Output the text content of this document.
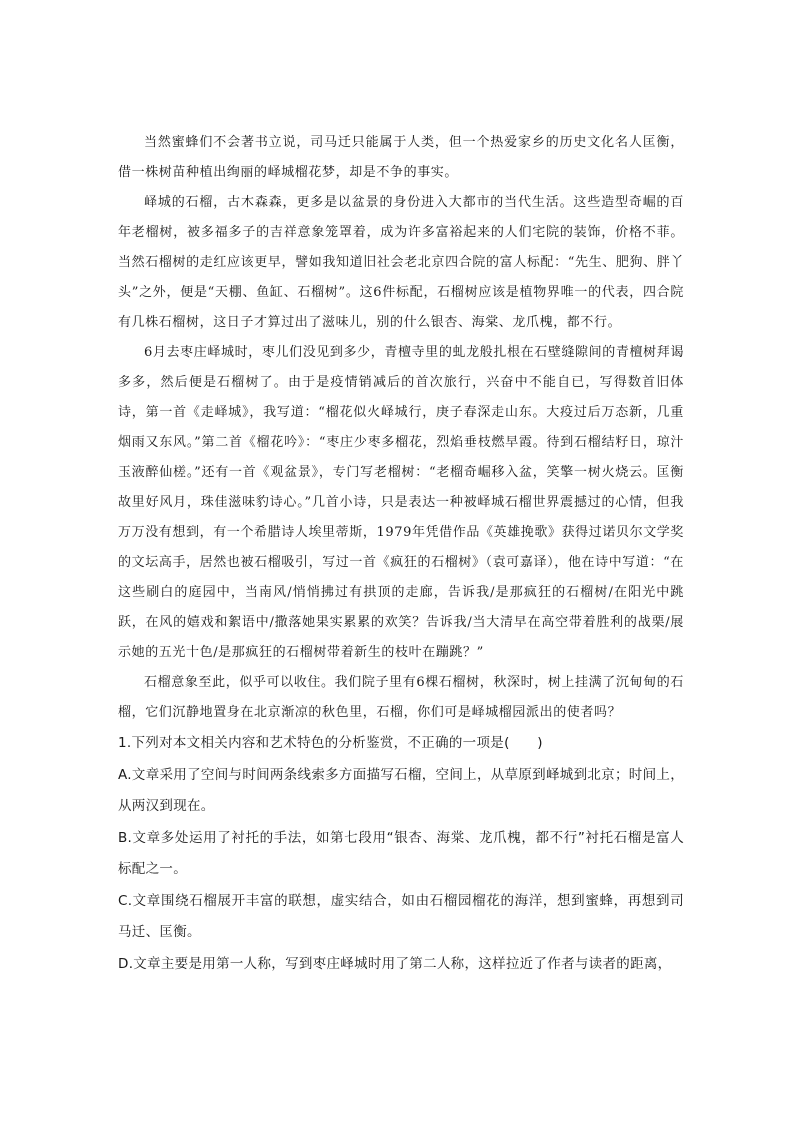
当然蜜蜂们不会著书立说，司马迁只能属于人类，但一个热爱家乡的历史文化名人匡衡，借一株树苗种植出绚丽的峄城榴花梦，却是不争的事实。

峄城的石榴，古木森森，更多是以盆景的身份进入大都市的当代生活。这些造型奇崛的百年老榴树，被多福多子的吉祥意象笼罩着，成为许多富裕起来的人们宅院的装饰，价格不菲。当然石榴树的走红应该更早，譬如我知道旧社会老北京四合院的富人标配：“先生、肥狗、胖丫头”之外，便是“天棚、鱼缸、石榴树”。这6件标配，石榴树应该是植物界唯一的代表，四合院有几株石榴树，这日子才算过出了滋味儿，别的什么银杏、海棠、龙爪槐，都不行。

6月去枣庄峄城时，枣儿们没见到多少，青檀寺里的虬龙般扎根在石壁缝隙间的青檀树拜谒多多，然后便是石榴树了。由于是疫情销减后的首次旅行，兴奋中不能自已，写得数首旧体诗，第一首《走峄城》，我写道：“榴花似火峄城行，庚子春深走山东。大疫过后万态新，几重烟雨又东风。”第二首《榴花吟》：“枣庄少枣多榴花，烈焰垂枝燃早霞。待到石榴结籽日，琼汁玉液醉仙槎。”还有一首《观盆景》，专门写老榴树：“老榴奇崛移入盆，笑擎一树火烧云。匡衡故里好风月，珠佳滋味豹诗心。”几首小诗，只是表达一种被峄城石榴世界震撼过的心情，但我万万没有想到，有一个希腊诗人埃里蒂斯，1979年凭借作品《英雄挽歌》获得过诺贝尔文学奖的文坛高手，居然也被石榴吸引，写过一首《疯狂的石榴树》（袁可嘉译），他在诗中写道：“在这些刷白的庭园中，当南风/悄悄拂过有拱顶的走廊，告诉我/是那疯狂的石榴树/在阳光中跳跃，在风的嬉戏和絮语中/撒落她果实累累的欢笑？告诉我/当大清早在高空带着胜利的战栗/展示她的五光十色/是那疯狂的石榴树带着新生的枝叶在蹦跳？”

石榴意象至此，似乎可以收住。我们院子里有6棵石榴树，秋深时，树上挂满了沉甸甸的石榴，它们沉静地置身在北京渐凉的秋色里，石榴，你们可是峄城榴园派出的使者吗？

1.下列对本文相关内容和艺术特色的分析鉴赏，不正确的一项是(　　)

A.文章采用了空间与时间两条线索多方面描写石榴，空间上，从草原到峄城到北京；时间上，从两汉到现在。

B.文章多处运用了衬托的手法，如第七段用“银杏、海棠、龙爪槐，都不行”衬托石榴是富人标配之一。

C.文章围绕石榴展开丰富的联想，虚实结合，如由石榴园榴花的海洋，想到蜜蜂，再想到司马迁、匡衡。

D.文章主要是用第一人称，写到枣庄峄城时用了第二人称，这样拉近了作者与读者的距离，
